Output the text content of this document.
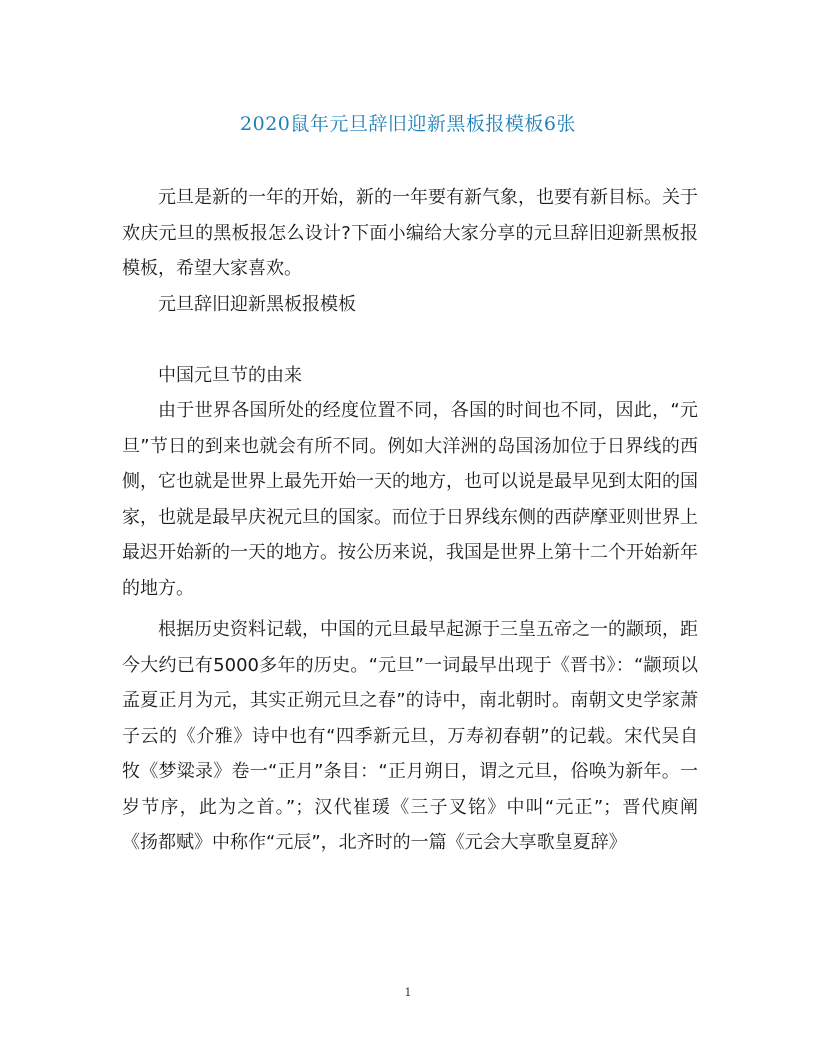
2020鼠年元旦辞旧迎新黑板报模板6张

元旦是新的一年的开始，新的一年要有新气象，也要有新目标。关于欢庆元旦的黑板报怎么设计?下面小编给大家分享的元旦辞旧迎新黑板报模板，希望大家喜欢。

元旦辞旧迎新黑板报模板

中国元旦节的由来

由于世界各国所处的经度位置不同，各国的时间也不同，因此，“元旦”节日的到来也就会有所不同。例如大洋洲的岛国汤加位于日界线的西侧，它也就是世界上最先开始一天的地方，也可以说是最早见到太阳的国家，也就是最早庆祝元旦的国家。而位于日界线东侧的西萨摩亚则世界上最迟开始新的一天的地方。按公历来说，我国是世界上第十二个开始新年的地方。

根据历史资料记载，中国的元旦最早起源于三皇五帝之一的颛顼，距今大约已有5000多年的历史。“元旦”一词最早出现于《晋书》：“颛顼以孟夏正月为元，其实正朔元旦之春”的诗中，南北朝时。南朝文史学家萧子云的《介雅》诗中也有“四季新元旦，万寿初春朝”的记载。宋代吴自牧《梦粱录》卷一“正月”条目：“正月朔日，谓之元旦，俗唤为新年。一岁节序，此为之首。”；汉代崔瑗《三子叉铭》中叫“元正”；晋代庾阐《扬都赋》中称作“元辰”，北齐时的一篇《元会大享歌皇夏辞》

1
